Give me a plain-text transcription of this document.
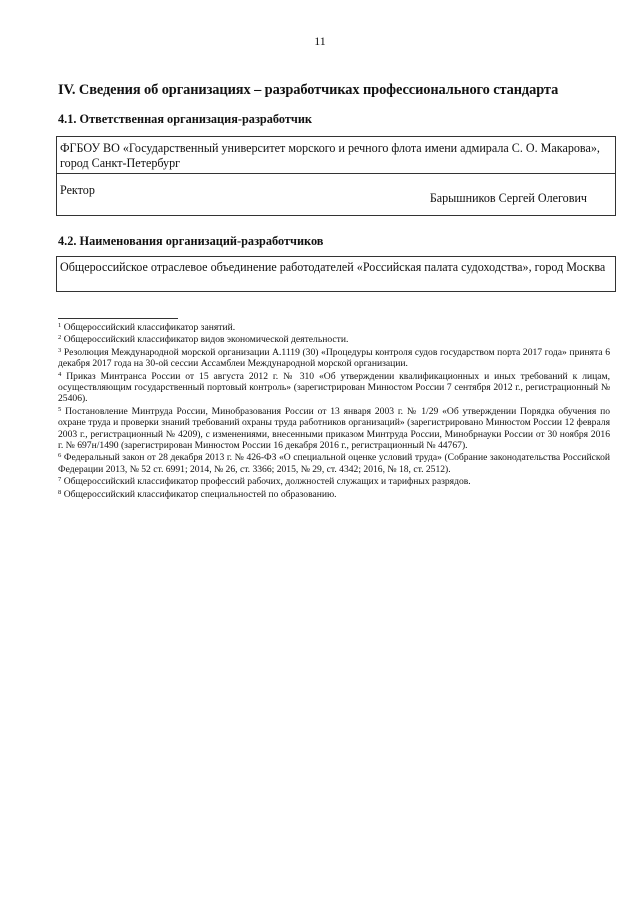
11
IV. Сведения об организациях – разработчиках профессионального стандарта
4.1. Ответственная организация-разработчик
ФГБОУ ВО «Государственный университет морского и речного флота имени адмирала С. О. Макарова», город Санкт-Петербург
Ректор
Барышников Сергей Олегович
4.2. Наименования организаций-разработчиков
Общероссийское отраслевое объединение работодателей «Российская палата судоходства», город Москва
$^1$ Общероссийский классификатор занятий.
$^2$ Общероссийский классификатор видов экономической деятельности.
$^3$ Резолюция Международной морской организации А.1119 (30) «Процедуры контроля судов государством порта 2017 года» принята 6 декабря 2017 года на 30-ой сессии Ассамблеи Международной морской организации.
$^4$ Приказ Минтранса России от 15 августа 2012 г. № 310 «Об утверждении квалификационных и иных требований к лицам, осуществляющим государственный портовый контроль» (зарегистрирован Минюстом России 7 сентября 2012 г., регистрационный № 25406).
$^5$ Постановление Минтруда России, Минобразования России от 13 января 2003 г. № 1/29 «Об утверждении Порядка обучения по охране труда и проверки знаний требований охраны труда работников организаций» (зарегистрировано Минюстом России 12 февраля 2003 г., регистрационный № 4209), с изменениями, внесенными приказом Минтруда России, Минобрнауки России от 30 ноября 2016 г. № 697н/1490 (зарегистрирован Минюстом России 16 декабря 2016 г., регистрационный № 44767).
$^6$ Федеральный закон от 28 декабря 2013 г. № 426-ФЗ «О специальной оценке условий труда» (Собрание законодательства Российской Федерации 2013, № 52 ст. 6991; 2014, № 26, ст. 3366; 2015, № 29, ст. 4342; 2016, № 18, ст. 2512).
$^7$ Общероссийский классификатор профессий рабочих, должностей служащих и тарифных разрядов.
$^8$ Общероссийский классификатор специальностей по образованию.
